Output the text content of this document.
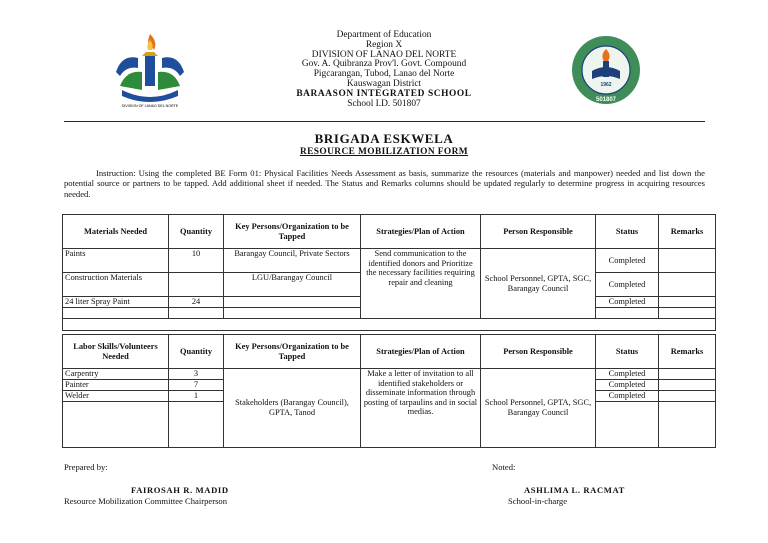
DIVISION OF LANAO DEL NORTE
1962
501807
Department of Education
Region X
DIVISION OF LANAO DEL NORTE
Gov. A. Quibranza Prov'l. Govt. Compound
Pigcarangan, Tubod, Lanao del Norte
Kauswagan District
BARAASON INTEGRATED SCHOOL
School I.D. 501807
BRIGADA ESKWELA
RESOURCE MOBILIZATION FORM
Instruction: Using the completed BE Form 01: Physical Facilities Needs Assessment as basis, summarize the resources (materials and manpower) needed and list down the potential source or partners to be tapped. Add additional sheet if needed. The Status and Remarks columns should be updated regularly to determine progress in acquiring resources needed.
Materials Needed	Quantity	Key Persons/Organization to be Tapped	Strategies/Plan of Action	Person Responsible	Status	Remarks
Paints	10	Barangay Council, Private Sectors	Send communication to the identified donors and Prioritize the necessary facilities requiring repair and cleaning	School Personnel, GPTA, SGC, Barangay Council	Completed	
Construction Materials		LGU/Barangay Council			Completed	
24 liter Spray Paint	24				Completed	

Labor Skills/Volunteers Needed	Quantity	Key Persons/Organization to be Tapped	Strategies/Plan of Action	Person Responsible	Status	Remarks
Carpentry	3	Stakeholders (Barangay Council), GPTA, Tanod	Make a letter of invitation to all identified stakeholders or disseminate information through posting of tarpaulins and in social medias.	School Personnel, GPTA, SGC, Barangay Council	Completed	
Painter	7				Completed	
Welder	1				Completed	

Prepared by:
FAIROSAH R. MADID
Resource Mobilization Committee Chairperson
Noted:
ASHLIMA L. RACMAT
School-in-charge
